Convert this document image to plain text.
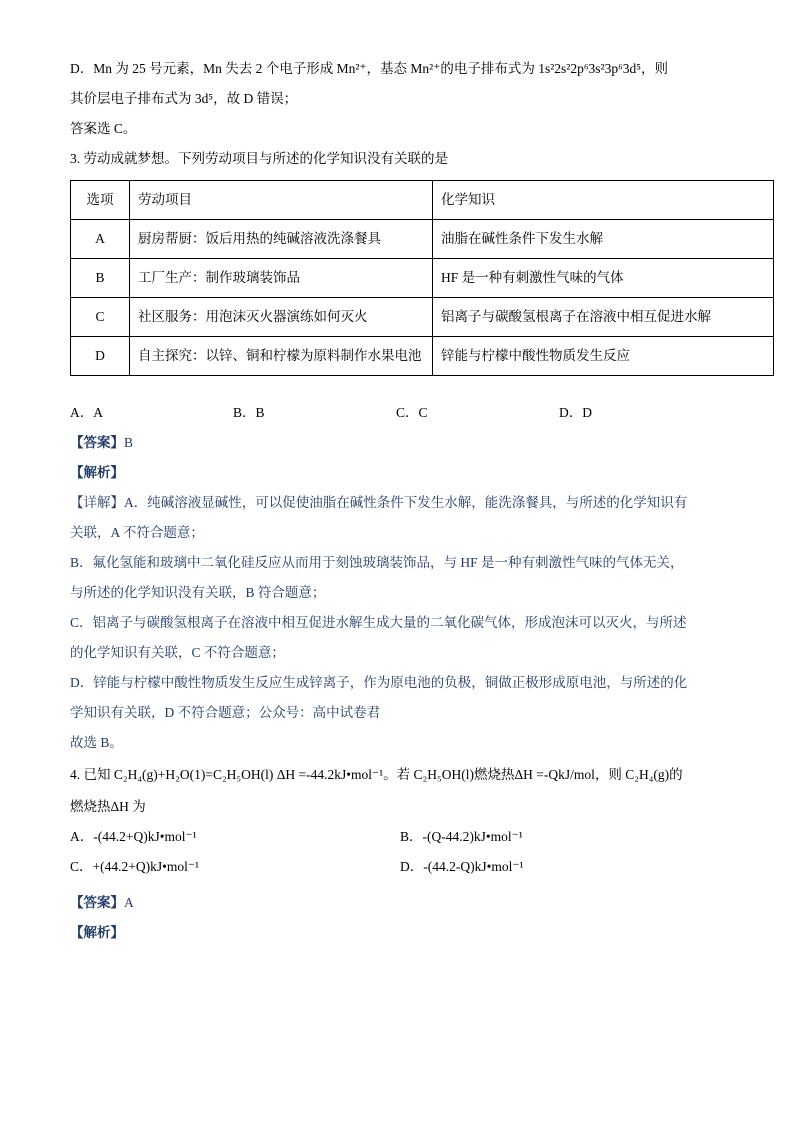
D．Mn 为 25 号元素，Mn 失去 2 个电子形成 Mn²⁺，基态 Mn²⁺的电子排布式为 1s²2s²2p⁶3s²3p⁶3d⁵，则
其价层电子排布式为 3d⁵，故 D 错误；
答案选 C。
3. 劳动成就梦想。下列劳动项目与所述的化学知识没有关联的是
选项	劳动项目	化学知识
A	厨房帮厨：饭后用热的纯碱溶液洗涤餐具	油脂在碱性条件下发生水解
B	工厂生产：制作玻璃装饰品	HF 是一种有刺激性气味的气体
C	社区服务：用泡沫灭火器演练如何灭火	铝离子与碳酸氢根离子在溶液中相互促进水解
D	自主探究：以锌、铜和柠檬为原料制作水果电池	锌能与柠檬中酸性物质发生反应
A．A	B．B	C．C	D．D
【答案】B
【解析】
【详解】A．纯碱溶液显碱性，可以促使油脂在碱性条件下发生水解，能洗涤餐具，与所述的化学知识有
关联，A 不符合题意；
B．氟化氢能和玻璃中二氧化硅反应从而用于刻蚀玻璃装饰品，与 HF 是一种有刺激性气味的气体无关，
与所述的化学知识没有关联，B 符合题意；
C．铝离子与碳酸氢根离子在溶液中相互促进水解生成大量的二氧化碳气体，形成泡沫可以灭火，与所述
的化学知识有关联，C 不符合题意；
D．锌能与柠檬中酸性物质发生反应生成锌离子，作为原电池的负极，铜做正极形成原电池，与所述的化
学知识有关联，D 不符合题意；公众号：高中试卷君
故选 B。
4. 已知 C₂H₄(g)+H₂O(1)=C₂H₅OH(l) ΔH =-44.2kJ•mol⁻¹。若 C₂H₅OH(l)燃烧热ΔH =-QkJ/mol，则 C₂H₄(g)的
燃烧热ΔH 为
A．-(44.2+Q)kJ•mol⁻¹	B．-(Q-44.2)kJ•mol⁻¹
C．+(44.2+Q)kJ•mol⁻¹	D．-(44.2-Q)kJ•mol⁻¹
【答案】A
【解析】
